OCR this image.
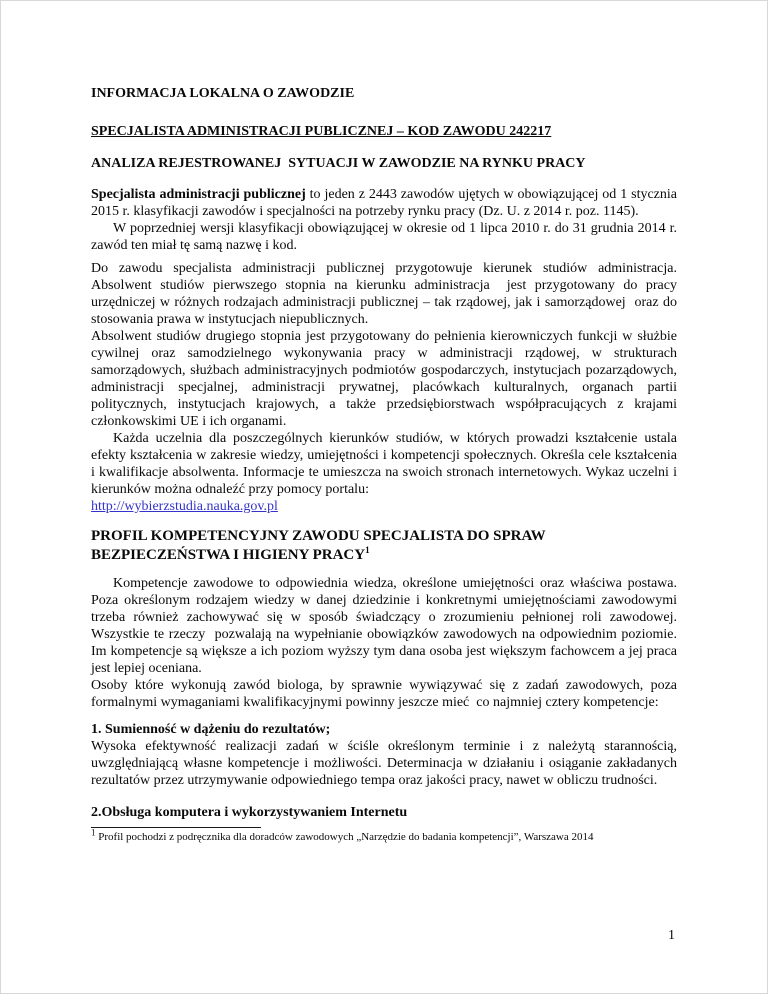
INFORMACJA LOKALNA O ZAWODZIE
SPECJALISTA ADMINISTRACJI PUBLICZNEJ – KOD ZAWODU 242217
ANALIZA REJESTROWANEJ  SYTUACJI W ZAWODZIE NA RYNKU PRACY

Specjalista administracji publicznej to jeden z 2443 zawodów ujętych w obowiązującej od 1 stycznia 2015 r. klasyfikacji zawodów i specjalności na potrzeby rynku pracy (Dz. U. z 2014 r. poz. 1145).

W poprzedniej wersji klasyfikacji obowiązującej w okresie od 1 lipca 2010 r. do 31 grudnia 2014 r. zawód ten miał tę samą nazwę i kod.

Do zawodu specjalista administracji publicznej przygotowuje kierunek studiów administracja. Absolwent studiów pierwszego stopnia na kierunku administracja  jest przygotowany do pracy urzędniczej w różnych rodzajach administracji publicznej – tak rządowej, jak i samorządowej  oraz do stosowania prawa w instytucjach niepublicznych.

Absolwent studiów drugiego stopnia jest przygotowany do pełnienia kierowniczych funkcji w służbie cywilnej oraz samodzielnego wykonywania pracy w administracji rządowej, w strukturach samorządowych, służbach administracyjnych podmiotów gospodarczych, instytucjach pozarządowych, administracji specjalnej, administracji prywatnej, placówkach kulturalnych, organach partii politycznych, instytucjach krajowych, a także przedsiębiorstwach współpracujących z krajami członkowskimi UE i ich organami.

Każda uczelnia dla poszczególnych kierunków studiów, w których prowadzi kształcenie ustala efekty kształcenia w zakresie wiedzy, umiejętności i kompetencji społecznych. Określa cele kształcenia i kwalifikacje absolwenta. Informacje te umieszcza na swoich stronach internetowych. Wykaz uczelni i kierunków można odnaleźć przy pomocy portalu:

http://wybierzstudia.nauka.gov.pl

PROFIL KOMPETENCYJNY ZAWODU SPECJALISTA DO SPRAW BEZPIECZEŃSTWA I HIGIENY PRACY$^1$

Kompetencje zawodowe to odpowiednia wiedza, określone umiejętności oraz właściwa postawa. Poza określonym rodzajem wiedzy w danej dziedzinie i konkretnymi umiejętnościami zawodowymi trzeba również zachowywać się w sposób świadczący o zrozumieniu pełnionej roli zawodowej.  Wszystkie te rzeczy  pozwalają na wypełnianie obowiązków zawodowych na odpowiednim poziomie. Im kompetencje są większe a ich poziom wyższy tym dana osoba jest większym fachowcem a jej praca jest lepiej oceniana.

Osoby które wykonują zawód biologa, by sprawnie wywiązywać się z zadań zawodowych, poza formalnymi wymaganiami kwalifikacyjnymi powinny jeszcze mieć  co najmniej cztery kompetencje:

1. Sumienność w dążeniu do rezultatów;

Wysoka efektywność realizacji zadań w ściśle określonym terminie i z należytą starannością, uwzględniającą własne kompetencje i możliwości. Determinacja w działaniu i osiąganie zakładanych rezultatów przez utrzymywanie odpowiedniego tempa oraz jakości pracy, nawet w obliczu trudności.

2.Obsługa komputera i wykorzystywaniem Internetu

$^1$ Profil pochodzi z podręcznika dla doradców zawodowych „Narzędzie do badania kompetencji”, Warszawa 2014

1
